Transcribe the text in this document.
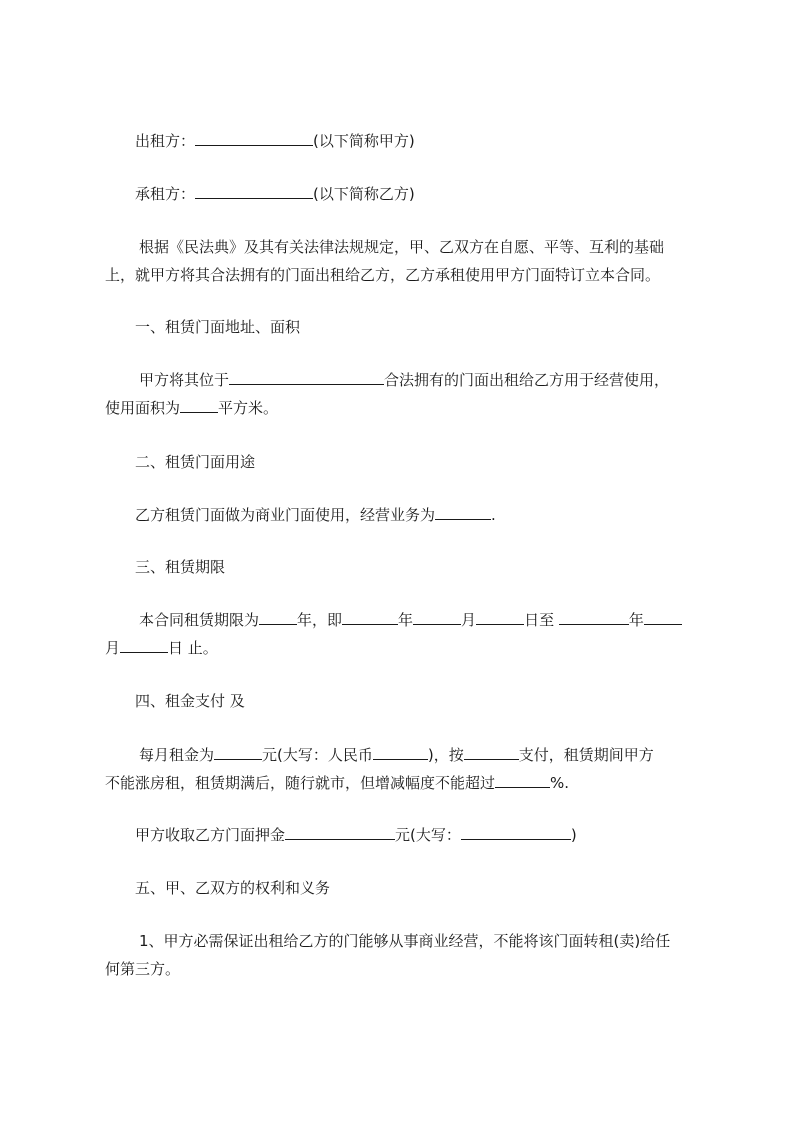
出租方：	(以下简称甲方)
承租方：	(以下简称乙方)
根据《民法典》及其有关法律法规规定，甲、乙双方在自愿、平等、互利的基础
上，就甲方将其合法拥有的门面出租给乙方，乙方承租使用甲方门面特订立本合同。
一、租赁门面地址、面积
甲方将其位于	合法拥有的门面出租给乙方用于经营使用，
使用面积为	平方米。
二、租赁门面用途
乙方租赁门面做为商业门面使用，经营业务为	.
三、租赁期限
本合同租赁期限为	年，即	年	月	日至	年
月	日 止。
四、租金支付 及
每月租金为	元(大写：人民币	)，按	支付，租赁期间甲方
不能涨房租，租赁期满后，随行就市，但增减幅度不能超过	%.
甲方收取乙方门面押金	元(大写：	)
五、甲、乙双方的权利和义务
1、甲方必需保证出租给乙方的门能够从事商业经营，不能将该门面转租(卖)给任
何第三方。
